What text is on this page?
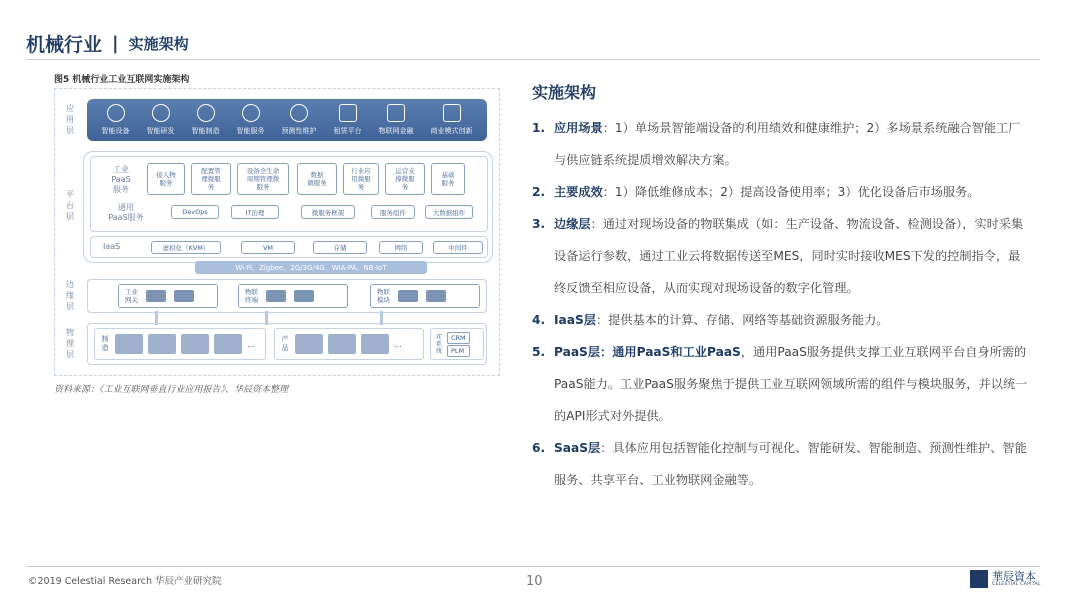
机械行业 | 实施架构
图5 机械行业工业互联网实施架构
应
用
层
平
台
层
边
缘
层
物
理
层
智能设备 智能研发 智能制造 智能服务 预测性维护 租赁平台 物联网金融 商业模式创新
工业
PaaS
服务
接入物
服务
配置管
理微服
务
设备全生命
周期管理微
服务
数据
微服务
行业应
用微服
务
运营支
撑微服
务
基础
服务
通用
PaaS服务
DevOps	IT治理	微服务框架	服务组件	大数据组件
IaaS	虚拟化（KVM）	VM	存储	网络	中间件
Wi-Fi、Zigbee、2G/3G/4G、WIA-PA、NB-IoT
工业
网关
物联
终端
物联
模块
制
造	…
产
品	…
IT
系
统
CRM
PLM
资料来源：《工业互联网垂直行业应用报告》、华辰资本整理
实施架构
1. 应用场景：1）单场景智能端设备的利用绩效和健康维护；2）多场景系统融合智能工厂与供应链系统提质增效解决方案。
2. 主要成效：1）降低维修成本；2）提高设备使用率；3）优化设备后市场服务。
3. 边缘层：通过对现场设备的物联集成（如：生产设备、物流设备、检测设备），实时采集设备运行参数，通过工业云将数据传送至MES，同时实时接收MES下发的控制指令，最终反馈至相应设备，从而实现对现场设备的数字化管理。
4. IaaS层：提供基本的计算、存储、网络等基础资源服务能力。
5. PaaS层：通用PaaS和工业PaaS，通用PaaS服务提供支撑工业互联网平台自身所需的PaaS能力。工业PaaS服务聚焦于提供工业互联网领域所需的组件与模块服务，并以统一的API形式对外提供。
6. SaaS层：具体应用包括智能化控制与可视化、智能研发、智能制造、预测性维护、智能服务、共享平台、工业物联网金融等。
©2019 Celestial Research 华辰产业研究院	10	華辰資本
CELESTIAL CAPITAL
